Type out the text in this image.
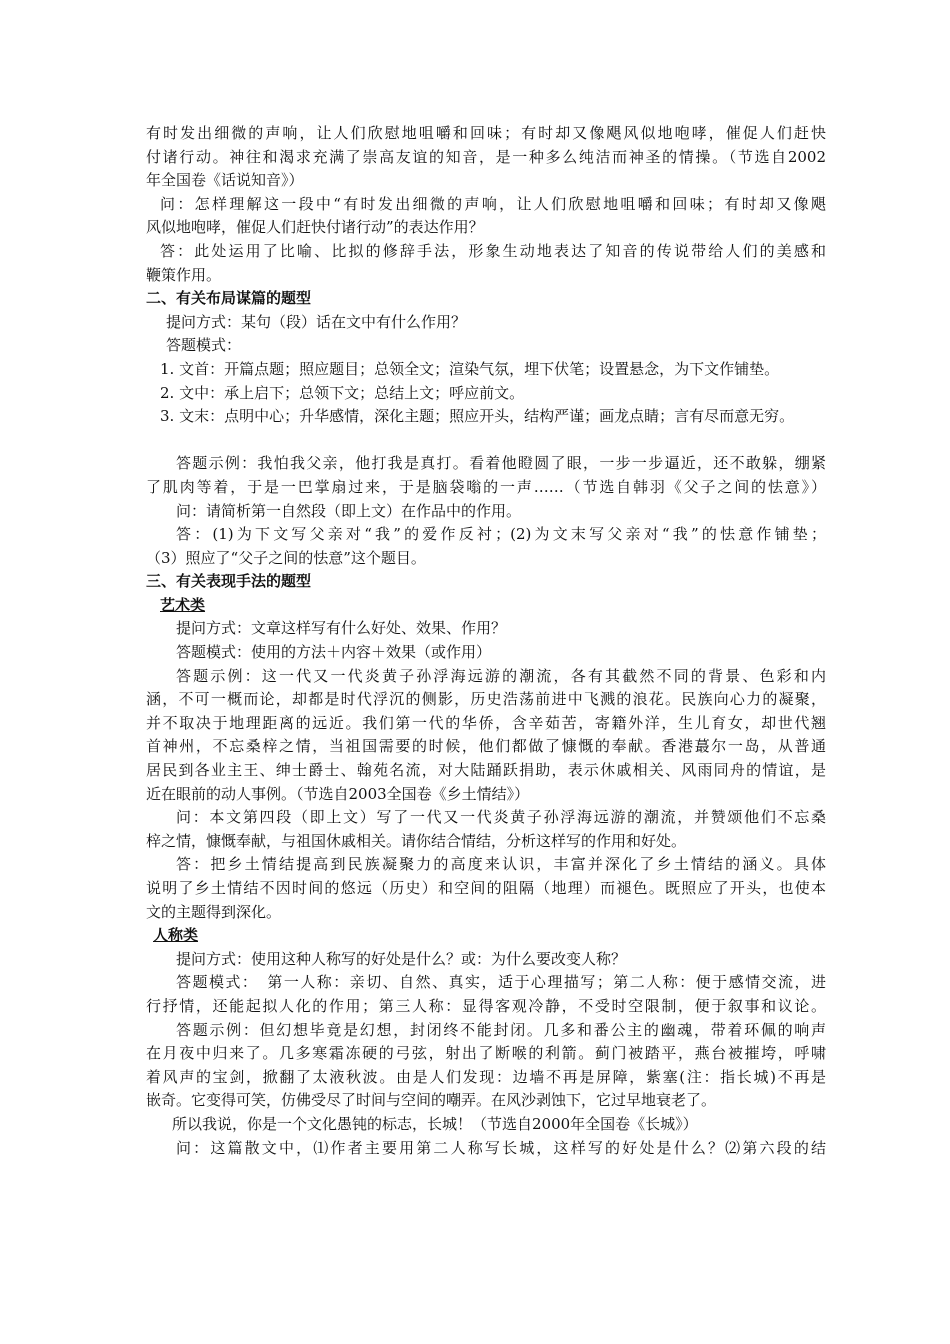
有时发出细微的声响，让人们欣慰地咀嚼和回味；有时却又像飓风似地咆哮，催促人们赶快

付诸行动。神往和渴求充满了崇高友谊的知音，是一种多么纯洁而神圣的情操。（节选自2002

年全国卷《话说知音》）

问：怎样理解这一段中“有时发出细微的声响，让人们欣慰地咀嚼和回味；有时却又像飓

风似地咆哮，催促人们赶快付诸行动”的表达作用？

答：此处运用了比喻、比拟的修辞手法，形象生动地表达了知音的传说带给人们的美感和

鞭策作用。

二、有关布局谋篇的题型

提问方式：某句（段）话在文中有什么作用？

答题模式：

1. 文首：开篇点题；照应题目；总领全文；渲染气氛，埋下伏笔；设置悬念，为下文作铺垫。

2. 文中：承上启下；总领下文；总结上文；呼应前文。

3. 文末：点明中心；升华感情，深化主题；照应开头，结构严谨；画龙点睛；言有尽而意无穷。

答题示例：我怕我父亲，他打我是真打。看着他瞪圆了眼，一步一步逼近，还不敢躲，绷紧

了肌肉等着，于是一巴掌扇过来，于是脑袋嗡的一声……（节选自韩羽《父子之间的怯意》）

问：请简析第一自然段（即上文）在作品中的作用。

答：(1)为下文写父亲对“我”的爱作反衬；(2)为文末写父亲对“我”的怯意作铺垫；

（3）照应了“父子之间的怯意”这个题目。

三、有关表现手法的题型

艺术类

提问方式：文章这样写有什么好处、效果、作用？

答题模式：使用的方法＋内容＋效果（或作用）

答题示例：这一代又一代炎黄子孙浮海远游的潮流，各有其截然不同的背景、色彩和内

涵，不可一概而论，却都是时代浮沉的侧影，历史浩荡前进中飞溅的浪花。民族向心力的凝聚，

并不取决于地理距离的远近。我们第一代的华侨，含辛茹苦，寄籍外洋，生儿育女，却世代翘

首神州，不忘桑梓之情，当祖国需要的时候，他们都做了慷慨的奉献。香港蕞尔一岛，从普通

居民到各业主王、绅士爵士、翰苑名流，对大陆踊跃捐助，表示休戚相关、风雨同舟的情谊，是

近在眼前的动人事例。（节选自2003全国卷《乡土情结》）

问：本文第四段（即上文）写了一代又一代炎黄子孙浮海远游的潮流，并赞颂他们不忘桑

梓之情，慷慨奉献，与祖国休戚相关。请你结合情结，分析这样写的作用和好处。

答：把乡土情结提高到民族凝聚力的高度来认识，丰富并深化了乡土情结的涵义。具体

说明了乡土情结不因时间的悠远（历史）和空间的阻隔（地理）而褪色。既照应了开头，也使本

文的主题得到深化。

人称类

提问方式：使用这种人称写的好处是什么？或：为什么要改变人称？

答题模式：　第一人称：亲切、自然、真实，适于心理描写；第二人称：便于感情交流，进

行抒情，还能起拟人化的作用；第三人称：显得客观冷静，不受时空限制，便于叙事和议论。

答题示例：但幻想毕竟是幻想，封闭终不能封闭。几多和番公主的幽魂，带着环佩的响声

在月夜中归来了。几多寒霜冻硬的弓弦，射出了断喉的利箭。蓟门被踏平，燕台被摧垮，呼啸

着风声的宝剑，掀翻了太液秋波。由是人们发现：边墙不再是屏障，紫塞(注：指长城)不再是

嵌奇。它变得可笑，仿佛受尽了时间与空间的嘲弄。在风沙剥蚀下，它过早地衰老了。

所以我说，你是一个文化愚钝的标志，长城！（节选自2000年全国卷《长城》）

问：这篇散文中，⑴作者主要用第二人称写长城，这样写的好处是什么？⑵第六段的结
